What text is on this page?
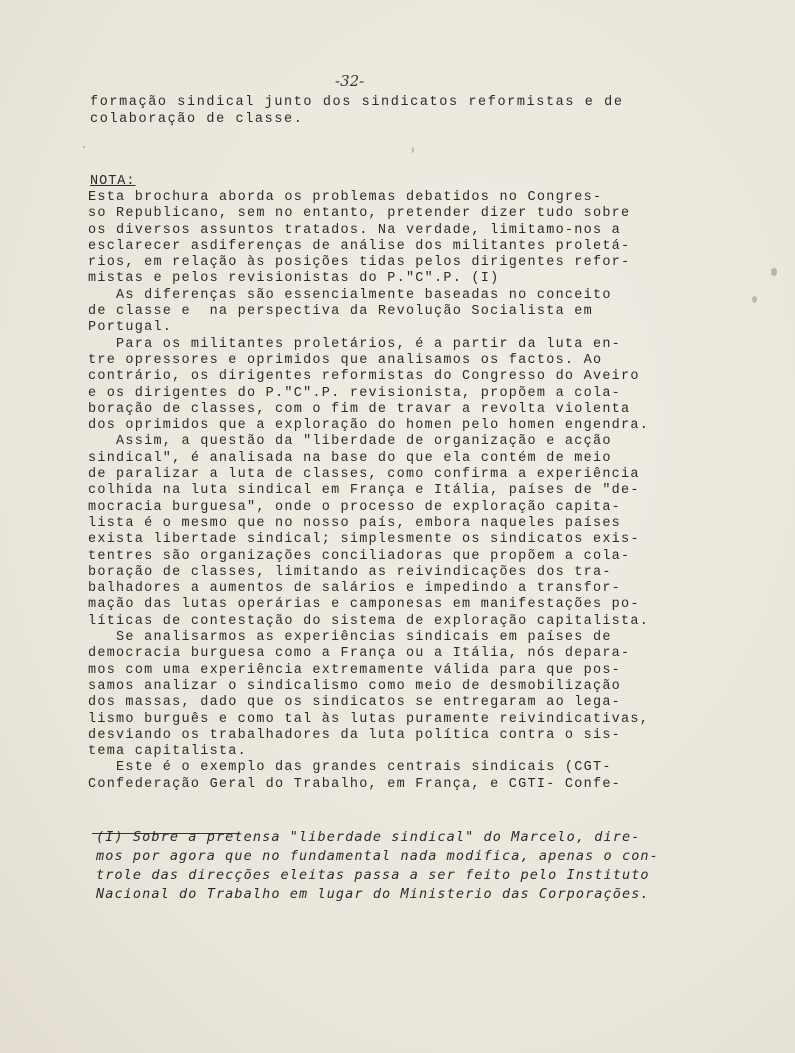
-32-
formação sindical junto dos sindicatos reformistas e de
colaboração de classe.
NOTA:
Esta brochura aborda os problemas debatidos no Congres-
so Republicano, sem no entanto, pretender dizer tudo sobre
os diversos assuntos tratados. Na verdade, limitamo-nos a
esclarecer asdiferenças de análise dos militantes proletá-
rios, em relação às posições tidas pelos dirigentes refor-
mistas e pelos revisionistas do P."C".P. (I)
As diferenças são essencialmente baseadas no conceito
de classe e  na perspectiva da Revolução Socialista em
Portugal.
Para os militantes proletários, é a partir da luta en-
tre opressores e oprimidos que analisamos os factos. Ao
contrário, os dirigentes reformistas do Congresso do Aveiro
e os dirigentes do P."C".P. revisionista, propõem a cola-
boração de classes, com o fim de travar a revolta violenta
dos oprimidos que a exploração do homen pelo homen engendra.
Assim, a questão da "liberdade de organização e acção
sindical", é analisada na base do que ela contém de meio
de paralizar a luta de classes, como confirma a experiência
colhida na luta sindical em França e Itália, países de "de-
mocracia burguesa", onde o processo de exploração capita-
lista é o mesmo que no nosso país, embora naqueles países
exista libertade sindical; simplesmente os sindicatos exis-
tentres são organizações conciliadoras que propõem a cola-
boração de classes, limitando as reivindicações dos tra-
balhadores a aumentos de salários e impedindo a transfor-
mação das lutas operárias e camponesas em manifestações po-
líticas de contestação do sistema de exploração capitalista.
Se analisarmos as experiências sindicais em países de
democracia burguesa como a França ou a Itália, nós depara-
mos com uma experiência extremamente válida para que pos-
samos analizar o sindicalismo como meio de desmobilização
dos massas, dado que os sindicatos se entregaram ao lega-
lismo burguês e como tal às lutas puramente reivindicativas,
desviando os trabalhadores da luta política contra o sis-
tema capitalista.
Este é o exemplo das grandes centrais sindicais (CGT-
Confederação Geral do Trabalho, em França, e CGTI- Confe-
(I) Sobre a pretensa "liberdade sindical" do Marcelo, dire-
mos por agora que no fundamental nada modifica, apenas o con-
trole das direcções eleitas passa a ser feito pelo Instituto
Nacional do Trabalho em lugar do Ministerio das Corporações.
